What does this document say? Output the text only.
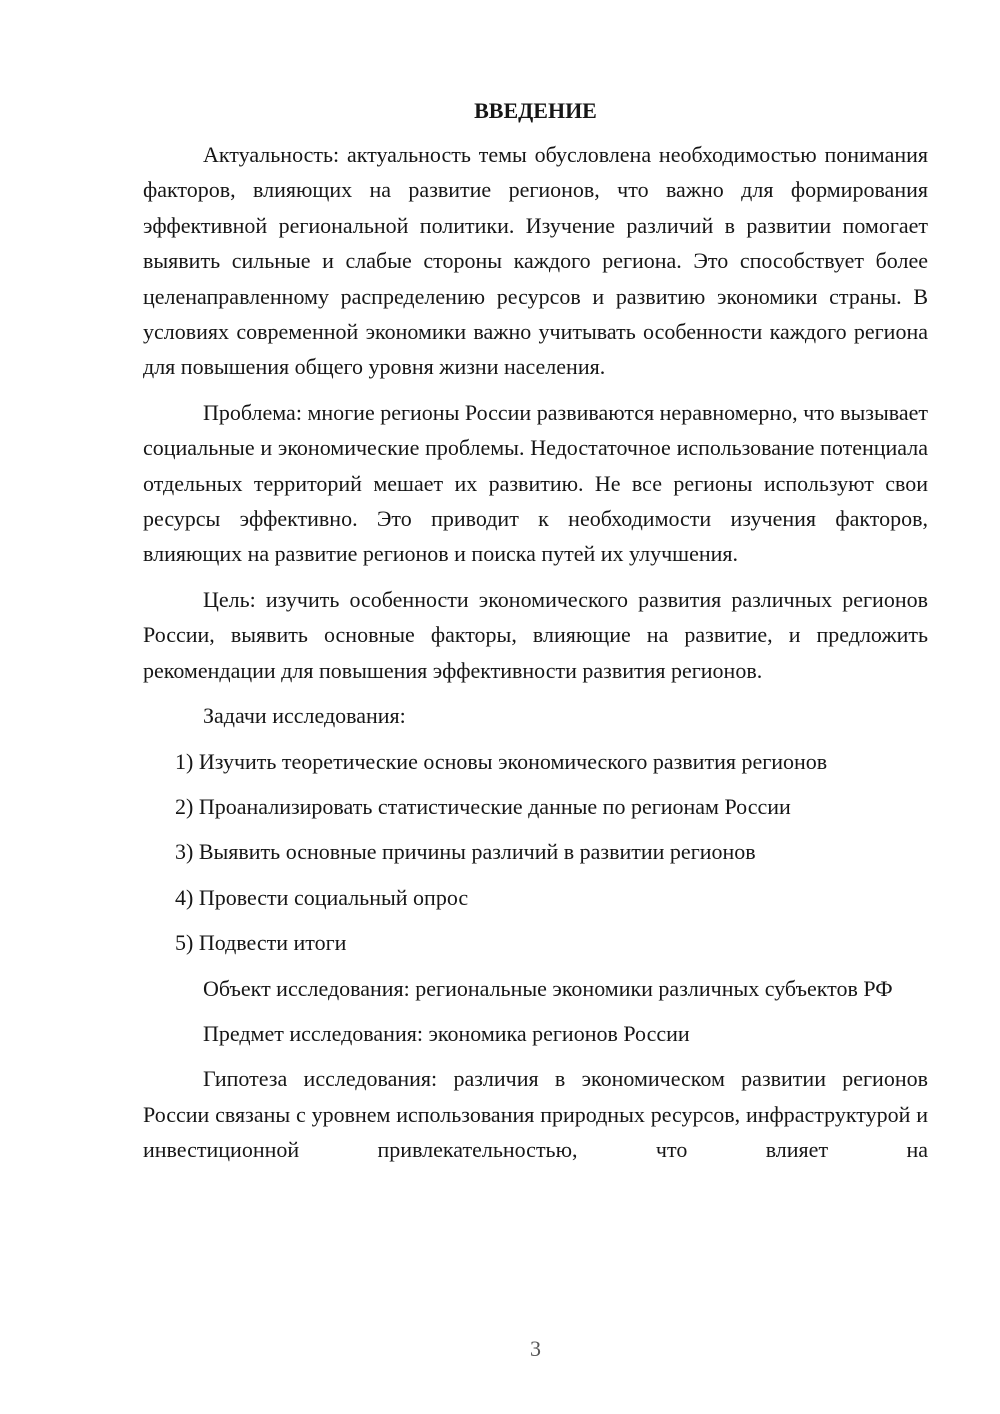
ВВЕДЕНИЕ

Актуальность: актуальность темы обусловлена необходимостью понимания факторов, влияющих на развитие регионов, что важно для формирования эффективной региональной политики. Изучение различий в развитии помогает выявить сильные и слабые стороны каждого региона. Это способствует более целенаправленному распределению ресурсов и развитию экономики страны. В условиях современной экономики важно учитывать особенности каждого региона для повышения общего уровня жизни населения.

Проблема: многие регионы России развиваются неравномерно, что вызывает социальные и экономические проблемы. Недостаточное использование потенциала отдельных территорий мешает их развитию. Не все регионы используют свои ресурсы эффективно. Это приводит к необходимости изучения факторов, влияющих на развитие регионов и поиска путей их улучшения.

Цель: изучить особенности экономического развития различных регионов России, выявить основные факторы, влияющие на развитие, и предложить рекомендации для повышения эффективности развития регионов.

Задачи исследования:

1) Изучить теоретические основы экономического развития регионов
2) Проанализировать статистические данные по регионам России
3) Выявить основные причины различий в развитии регионов
4) Провести социальный опрос
5) Подвести итоги

Объект исследования: региональные экономики различных субъектов РФ

Предмет исследования: экономика регионов России

Гипотеза исследования: различия в экономическом развитии регионов России связаны с уровнем использования природных ресурсов, инфраструктурой и инвестиционной привлекательностью, что влияет на

3
